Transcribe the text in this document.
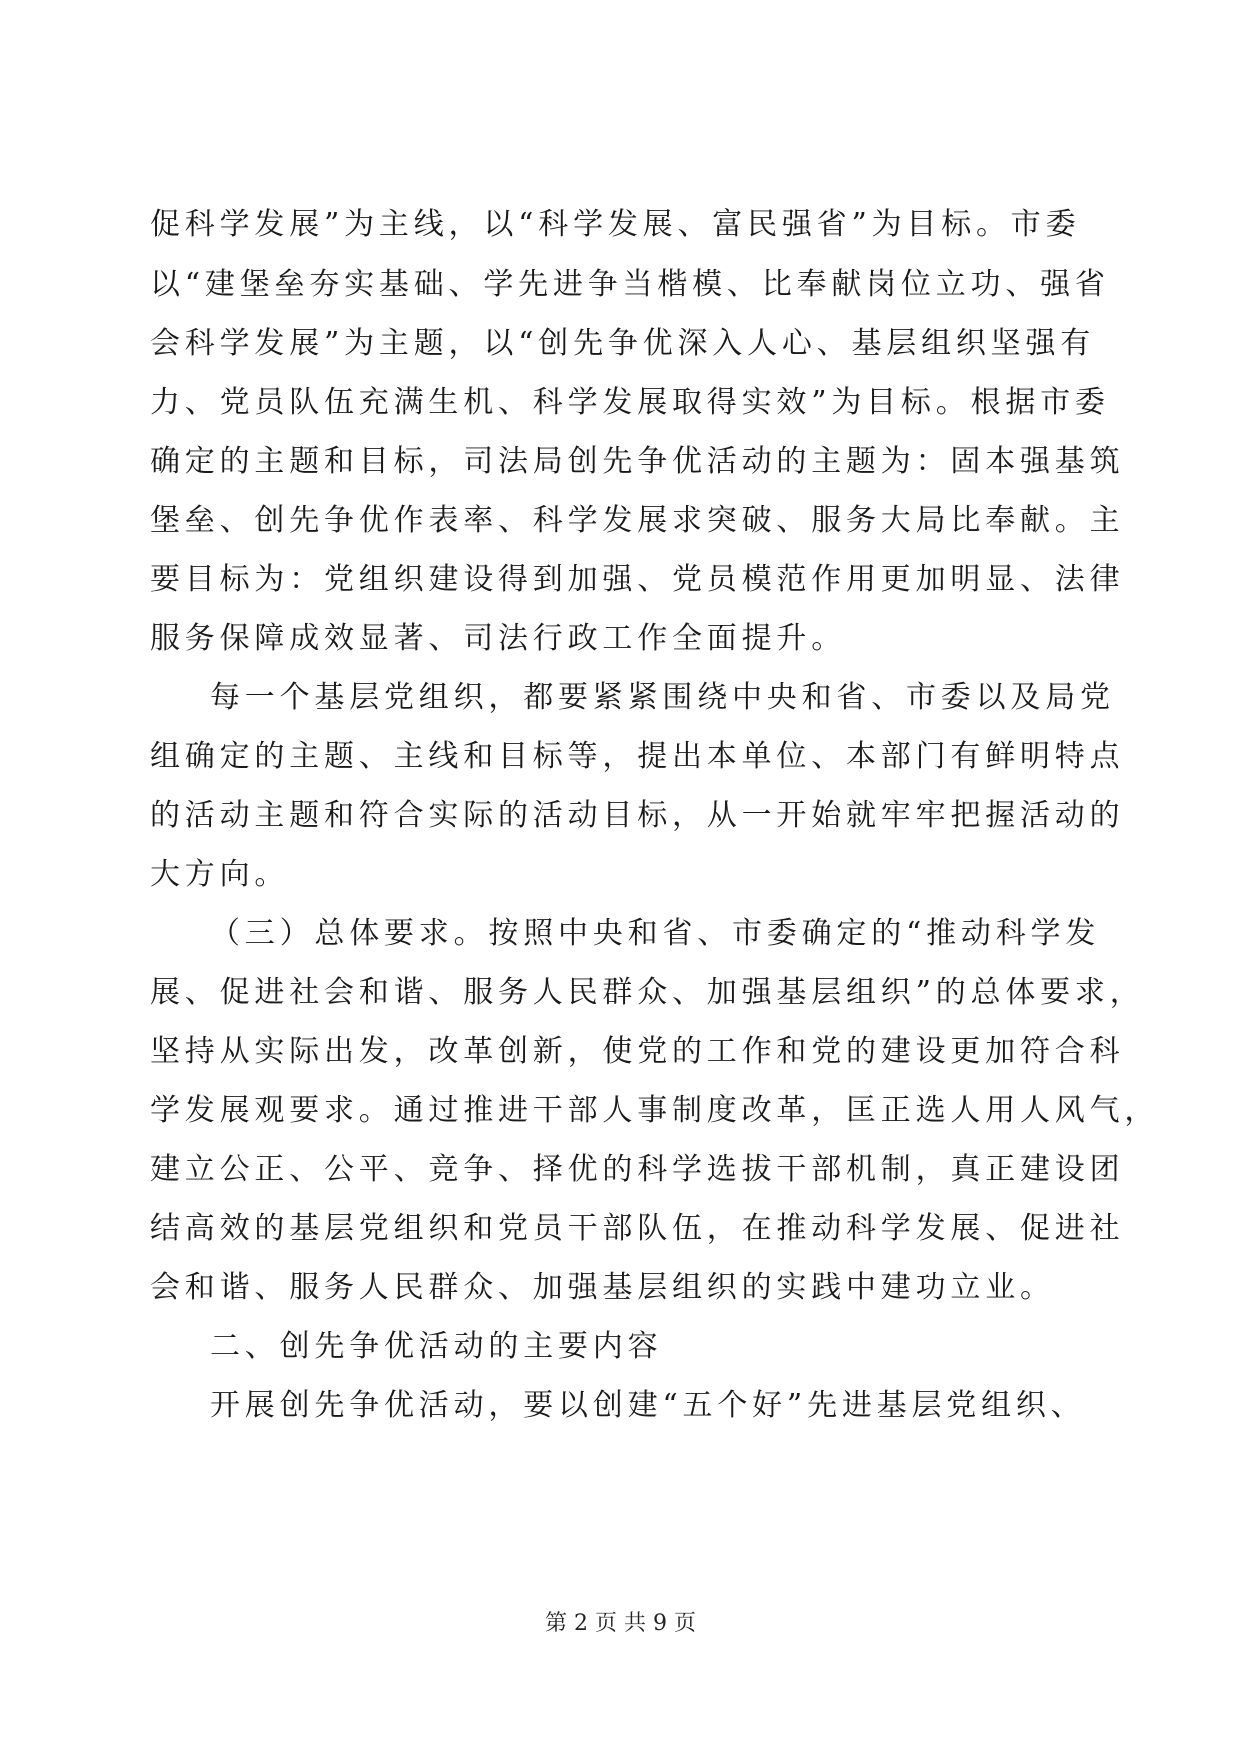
促科学发展”为主线，以“科学发展、富民强省”为目标。市委
以“建堡垒夯实基础、学先进争当楷模、比奉献岗位立功、强省
会科学发展”为主题，以“创先争优深入人心、基层组织坚强有
力、党员队伍充满生机、科学发展取得实效”为目标。根据市委
确定的主题和目标，司法局创先争优活动的主题为：固本强基筑
堡垒、创先争优作表率、科学发展求突破、服务大局比奉献。主
要目标为：党组织建设得到加强、党员模范作用更加明显、法律
服务保障成效显著、司法行政工作全面提升。
每一个基层党组织，都要紧紧围绕中央和省、市委以及局党
组确定的主题、主线和目标等，提出本单位、本部门有鲜明特点
的活动主题和符合实际的活动目标，从一开始就牢牢把握活动的
大方向。
（三）总体要求。按照中央和省、市委确定的“推动科学发
展、促进社会和谐、服务人民群众、加强基层组织”的总体要求，
坚持从实际出发，改革创新，使党的工作和党的建设更加符合科
学发展观要求。通过推进干部人事制度改革，匡正选人用人风气，
建立公正、公平、竞争、择优的科学选拔干部机制，真正建设团
结高效的基层党组织和党员干部队伍，在推动科学发展、促进社
会和谐、服务人民群众、加强基层组织的实践中建功立业。
二、创先争优活动的主要内容
开展创先争优活动，要以创建“五个好”先进基层党组织、
第 2 页 共 9 页
